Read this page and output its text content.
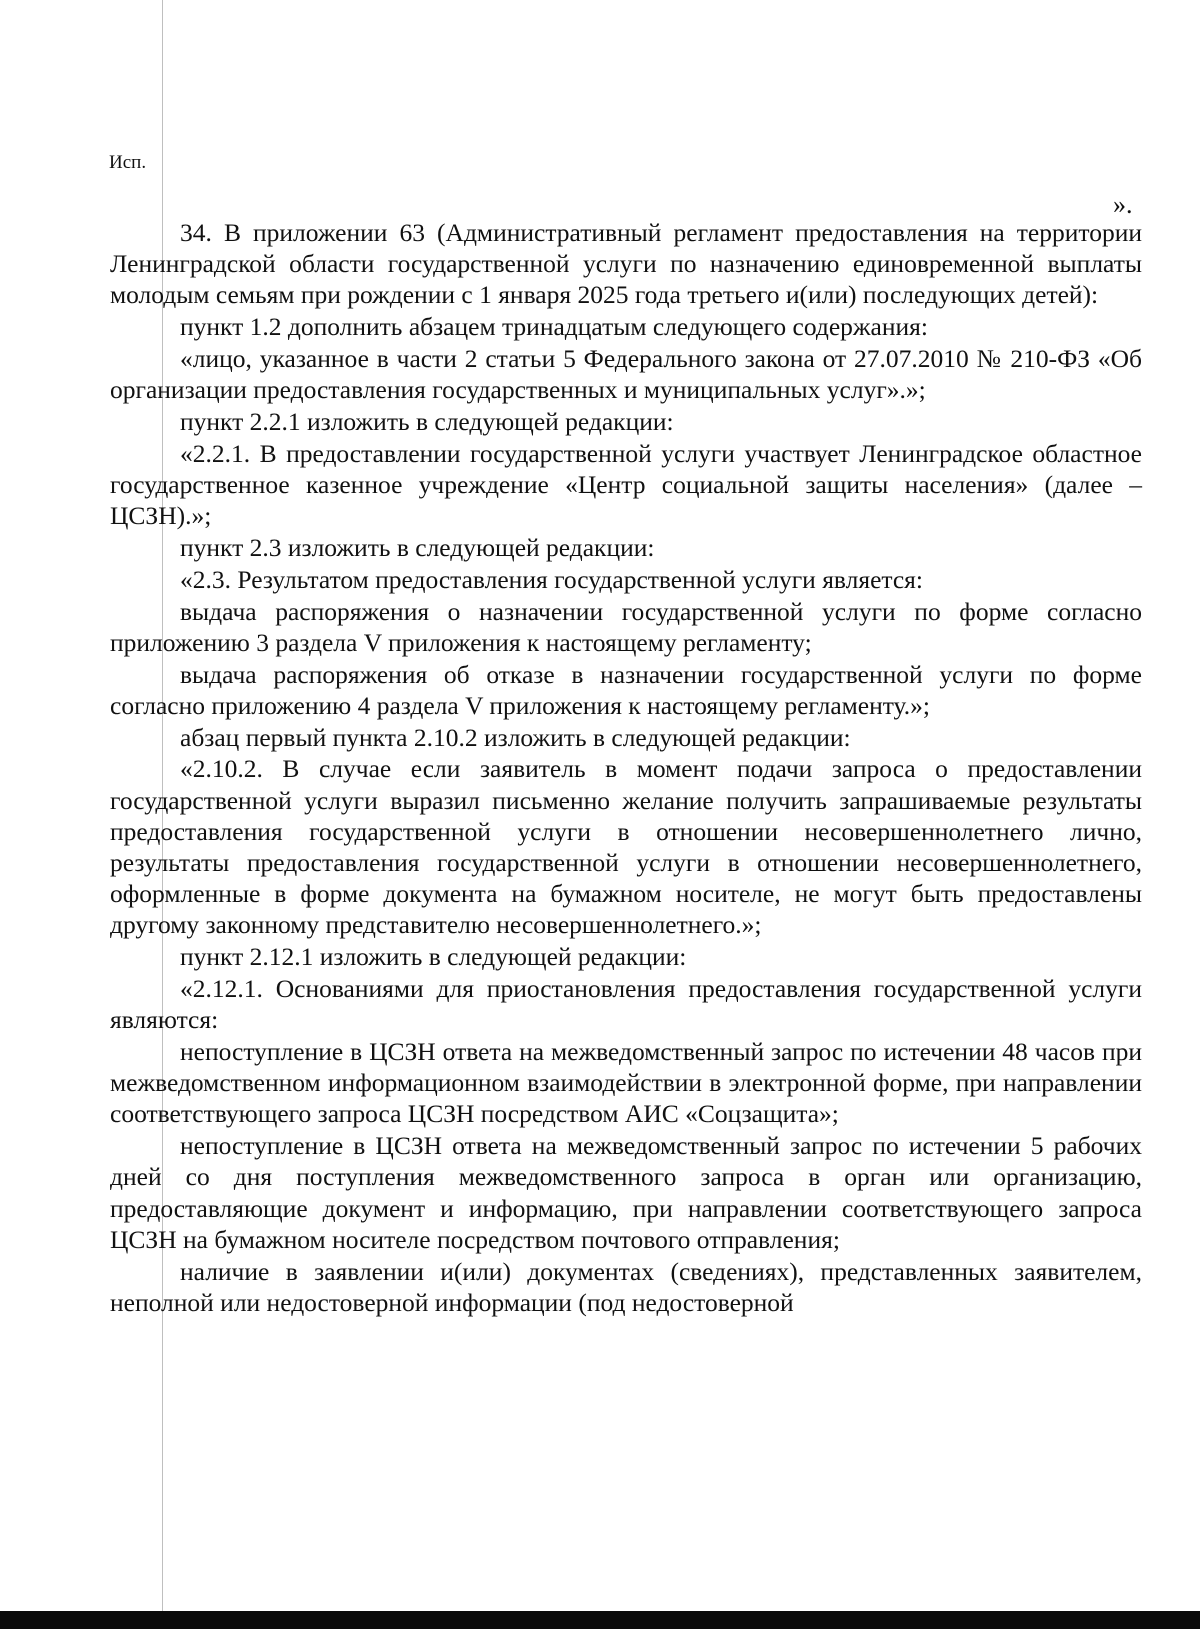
Исп.
».

34. В приложении 63 (Административный регламент предоставления на территории Ленинградской области государственной услуги по назначению единовременной выплаты молодым семьям при рождении с 1 января 2025 года третьего и(или) последующих детей):

пункт 1.2 дополнить абзацем тринадцатым следующего содержания:

«лицо, указанное в части 2 статьи 5 Федерального закона от 27.07.2010 № 210-ФЗ «Об организации предоставления государственных и муниципальных услуг».»;

пункт 2.2.1 изложить в следующей редакции:

«2.2.1. В предоставлении государственной услуги участвует Ленинградское областное государственное казенное учреждение «Центр социальной защиты населения» (далее – ЦСЗН).»;

пункт 2.3 изложить в следующей редакции:

«2.3. Результатом предоставления государственной услуги является:

выдача распоряжения о назначении государственной услуги по форме согласно приложению 3 раздела V приложения к настоящему регламенту;

выдача распоряжения об отказе в назначении государственной услуги по форме согласно приложению 4 раздела V приложения к настоящему регламенту.»;

абзац первый пункта 2.10.2 изложить в следующей редакции:

«2.10.2. В случае если заявитель в момент подачи запроса о предоставлении государственной услуги выразил письменно желание получить запрашиваемые результаты предоставления государственной услуги в отношении несовершеннолетнего лично, результаты предоставления государственной услуги в отношении несовершеннолетнего, оформленные в форме документа на бумажном носителе, не могут быть предоставлены другому законному представителю несовершеннолетнего.»;

пункт 2.12.1 изложить в следующей редакции:

«2.12.1. Основаниями для приостановления предоставления государственной услуги являются:

непоступление в ЦСЗН ответа на межведомственный запрос по истечении 48 часов при межведомственном информационном взаимодействии в электронной форме, при направлении соответствующего запроса ЦСЗН посредством АИС «Соцзащита»;

непоступление в ЦСЗН ответа на межведомственный запрос по истечении 5 рабочих дней со дня поступления межведомственного запроса в орган или организацию, предоставляющие документ и информацию, при направлении соответствующего запроса ЦСЗН на бумажном носителе посредством почтового отправления;

наличие в заявлении и(или) документах (сведениях), представленных заявителем, неполной или недостоверной информации (под недостоверной
